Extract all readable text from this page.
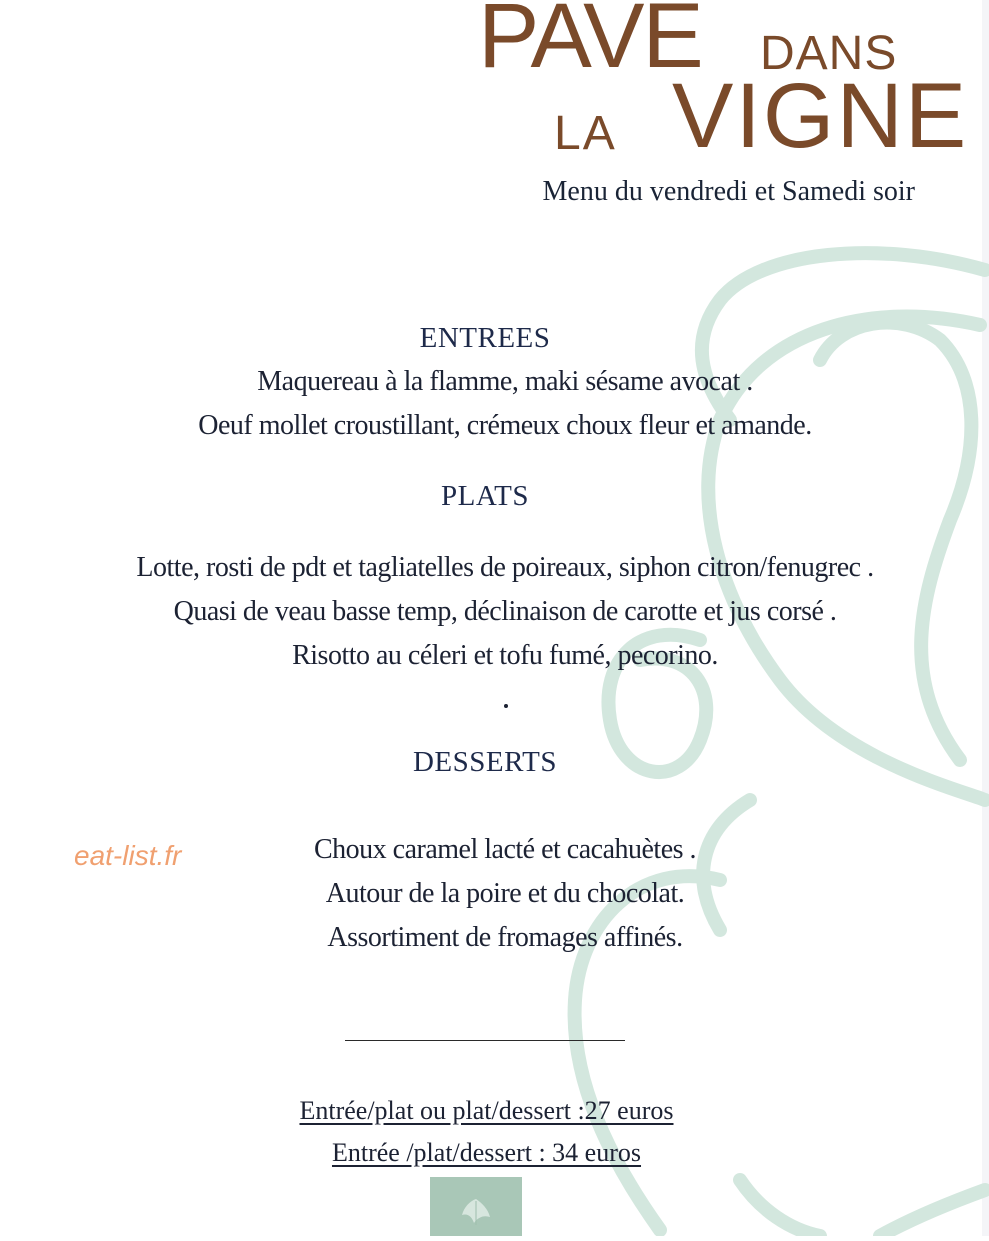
PAVE DANS
LA VIGNE
Menu du vendredi et Samedi soir
ENTREES
Maquereau à la flamme, maki sésame avocat .
Oeuf mollet croustillant, crémeux choux fleur et amande.
PLATS
Lotte, rosti de pdt et tagliatelles de poireaux, siphon citron/fenugrec .
Quasi de veau basse temp, déclinaison de carotte et jus corsé .
Risotto au céleri et tofu fumé, pecorino.
DESSERTS
Choux caramel lacté et cacahuètes .
Autour de la poire et du chocolat.
Assortiment de fromages affinés.
eat-list.fr
Entrée/plat ou plat/dessert :27 euros
Entrée /plat/dessert : 34 euros
